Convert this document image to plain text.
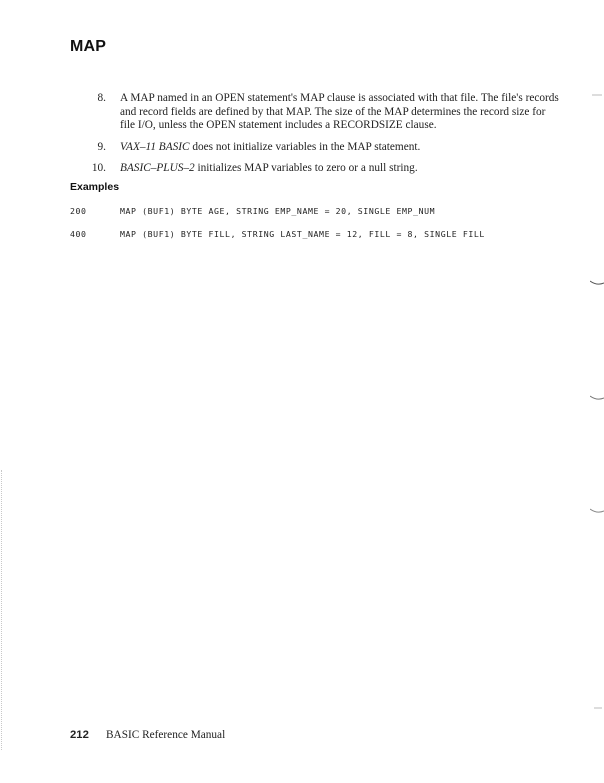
MAP
8. A MAP named in an OPEN statement's MAP clause is associated with that file. The file's records and record fields are defined by that MAP. The size of the MAP determines the record size for file I/O, unless the OPEN statement includes a RECORDSIZE clause.
9. VAX–11 BASIC does not initialize variables in the MAP statement.
10. BASIC–PLUS–2 initializes MAP variables to zero or a null string.
Examples
200	MAP (BUF1) BYTE AGE, STRING EMP_NAME = 20, SINGLE EMP_NUM
400	MAP (BUF1) BYTE FILL, STRING LAST_NAME = 12, FILL = 8, SINGLE FILL
212 BASIC Reference Manual
